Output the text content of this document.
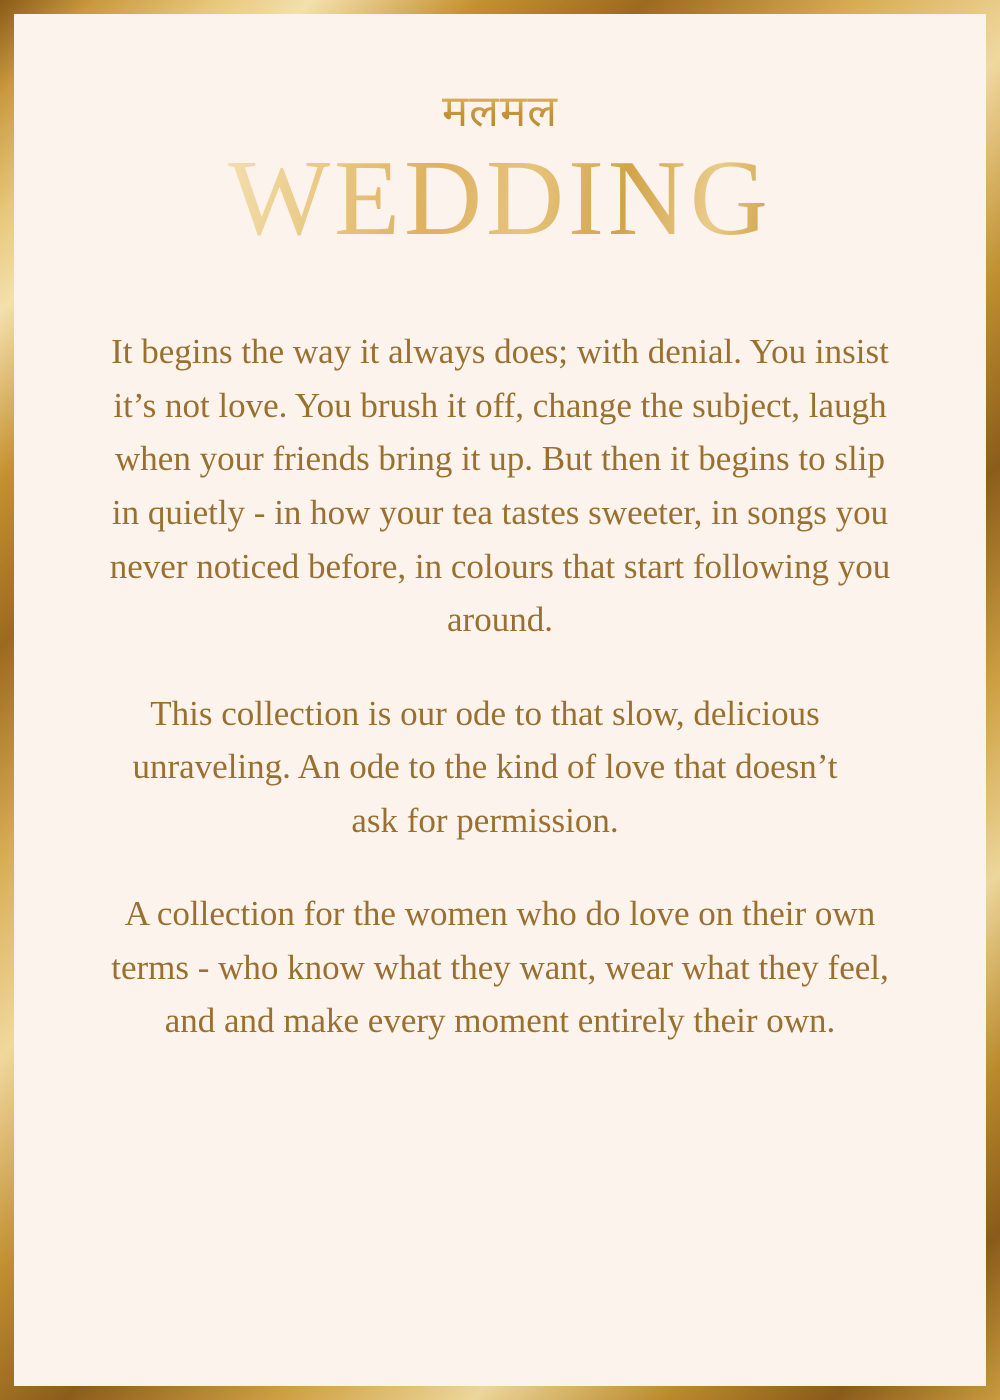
मलमल
WEDDING

It begins the way it always does; with denial. You insist it’s not love. You brush it off, change the subject, laugh when your friends bring it up. But then it begins to slip in quietly - in how your tea tastes sweeter, in songs you never noticed before, in colours that start following you around.

This collection is our ode to that slow, delicious unraveling. An ode to the kind of love that doesn’t ask for permission.

A collection for the women who do love on their own terms - who know what they want, wear what they feel, and and make every moment entirely their own.
